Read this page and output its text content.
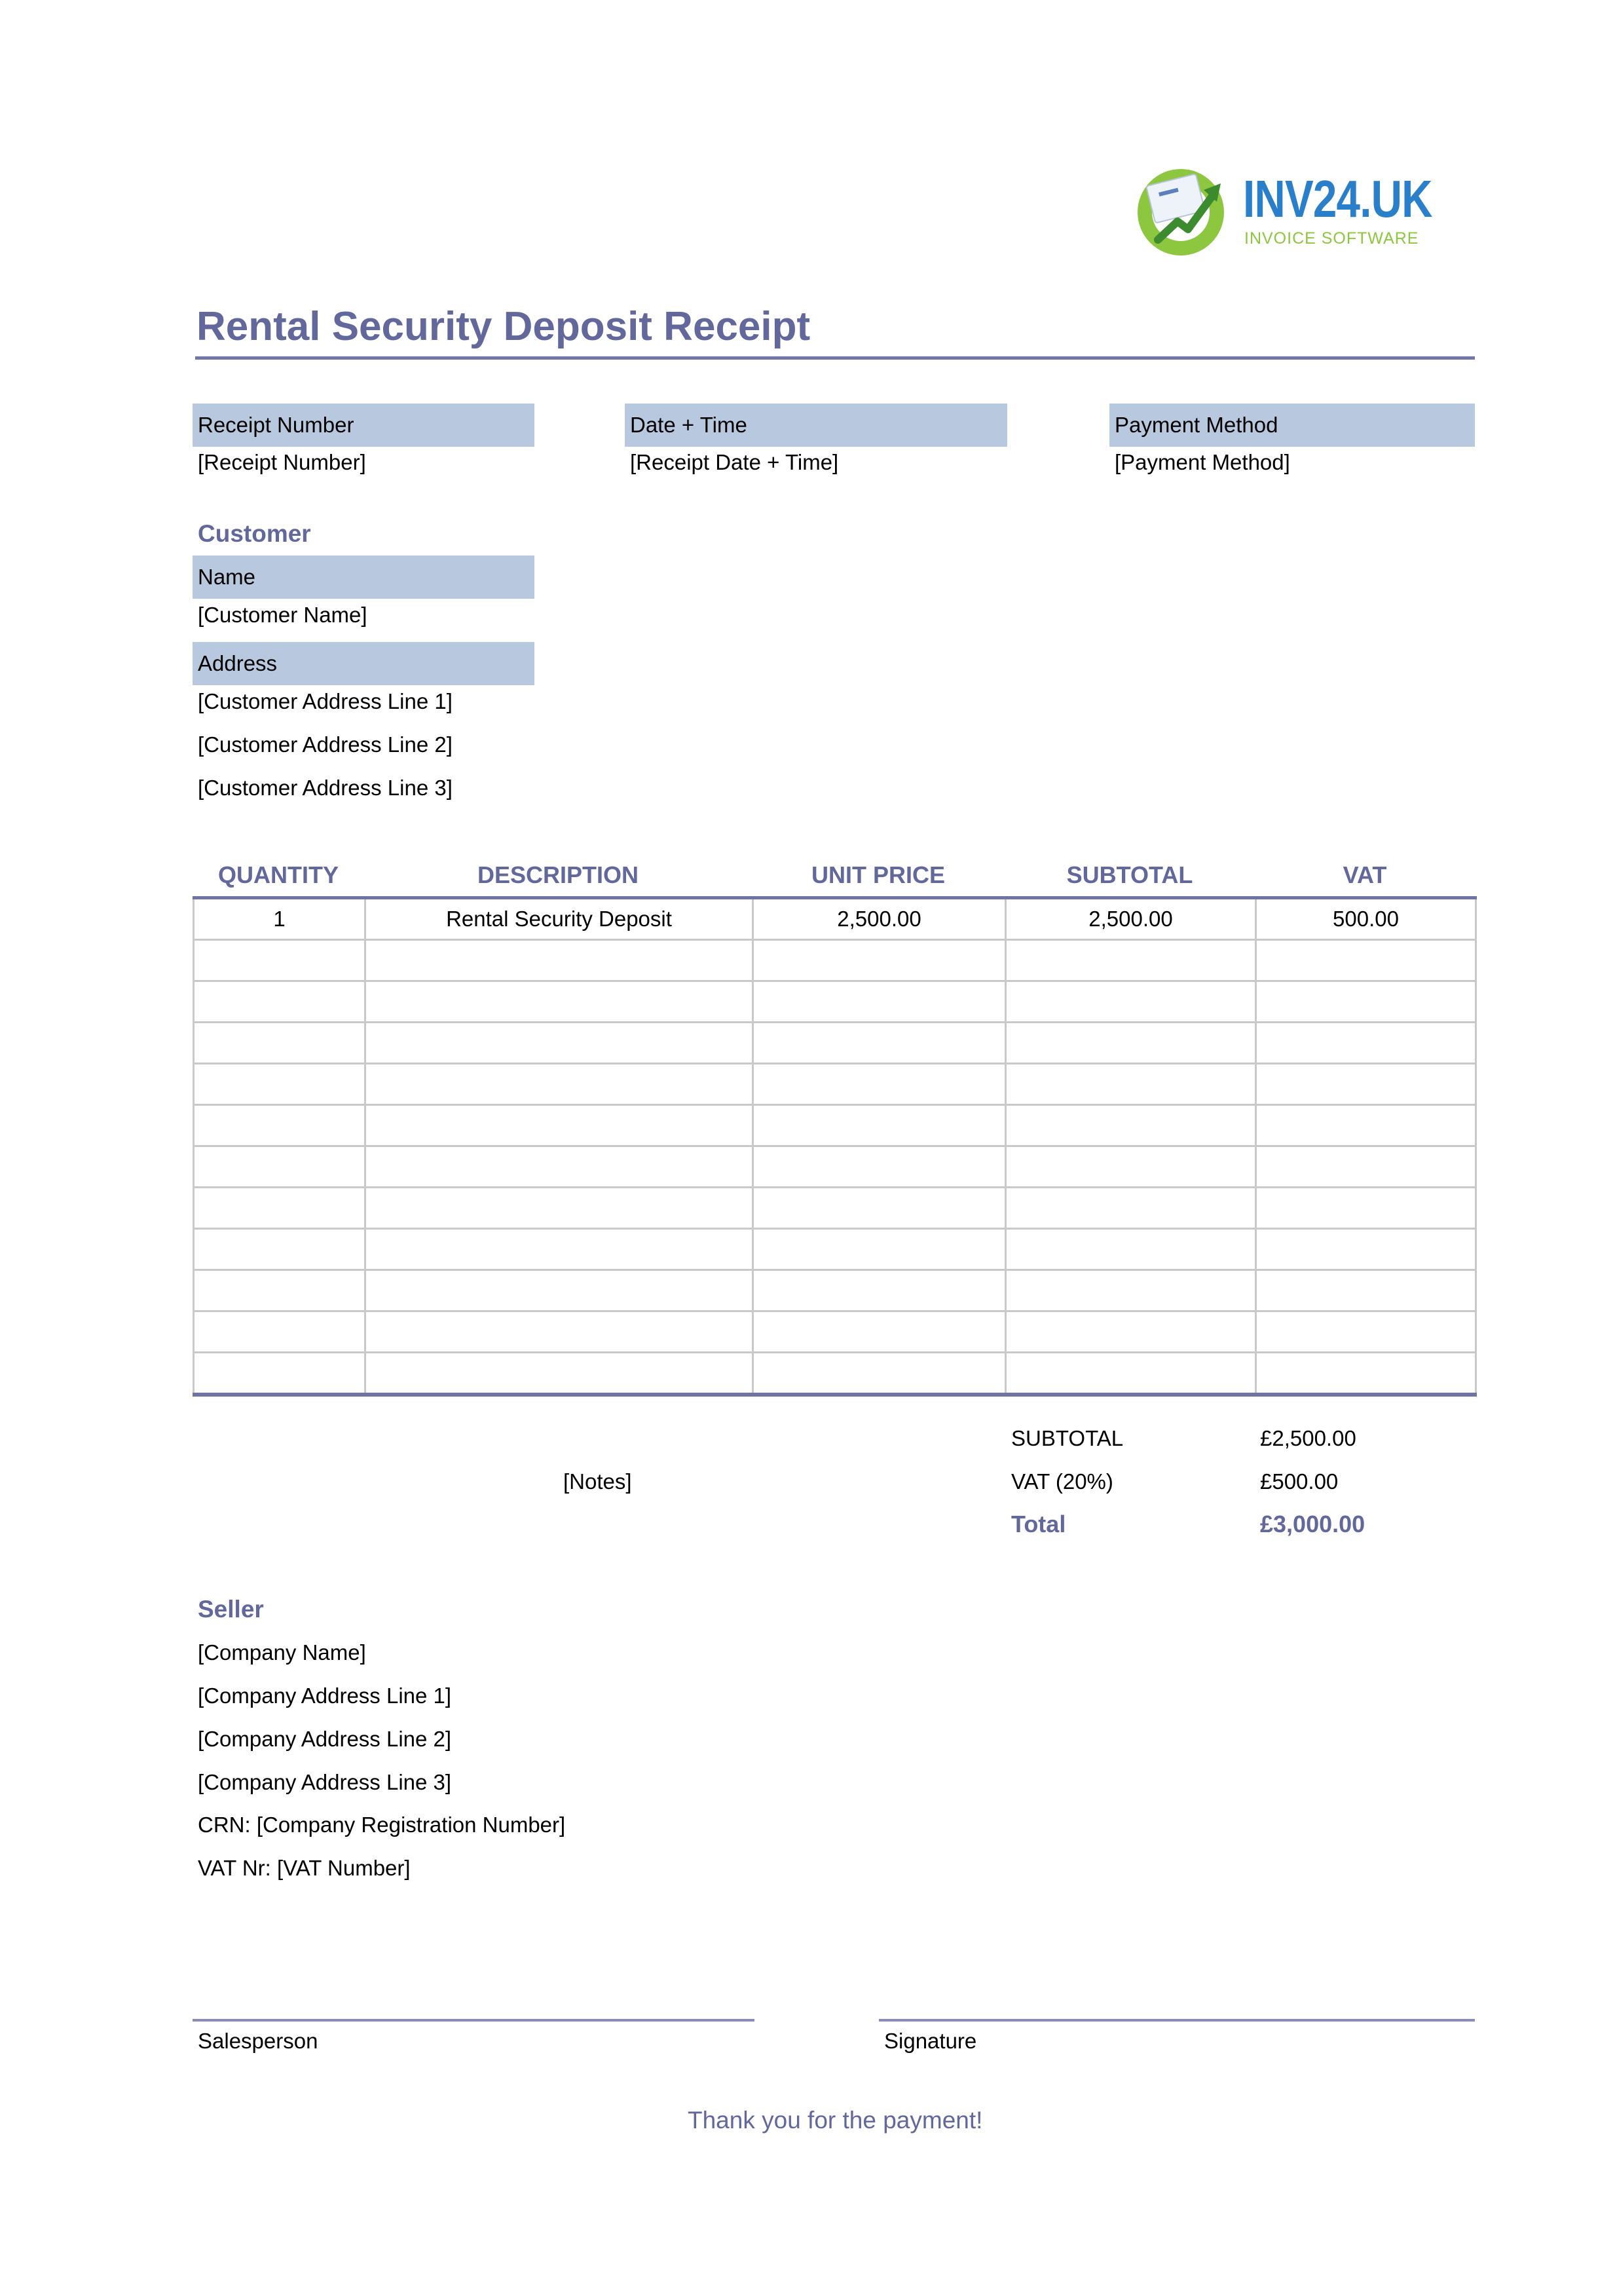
INV24.UK
INVOICE SOFTWARE
Rental Security Deposit Receipt
Receipt Number
[Receipt Number]
Date + Time
[Receipt Date + Time]
Payment Method
[Payment Method]
Customer
Name
[Customer Name]
Address
[Customer Address Line 1]
[Customer Address Line 2]
[Customer Address Line 3]
QUANTITY	DESCRIPTION	UNIT PRICE	SUBTOTAL	VAT
1	Rental Security Deposit	2,500.00	2,500.00	500.00

[Notes]
SUBTOTAL	£2,500.00
VAT (20%)	£500.00
Total	£3,000.00
Seller
[Company Name]
[Company Address Line 1]
[Company Address Line 2]
[Company Address Line 3]
CRN: [Company Registration Number]
VAT Nr: [VAT Number]
Salesperson	Signature
Thank you for the payment!
